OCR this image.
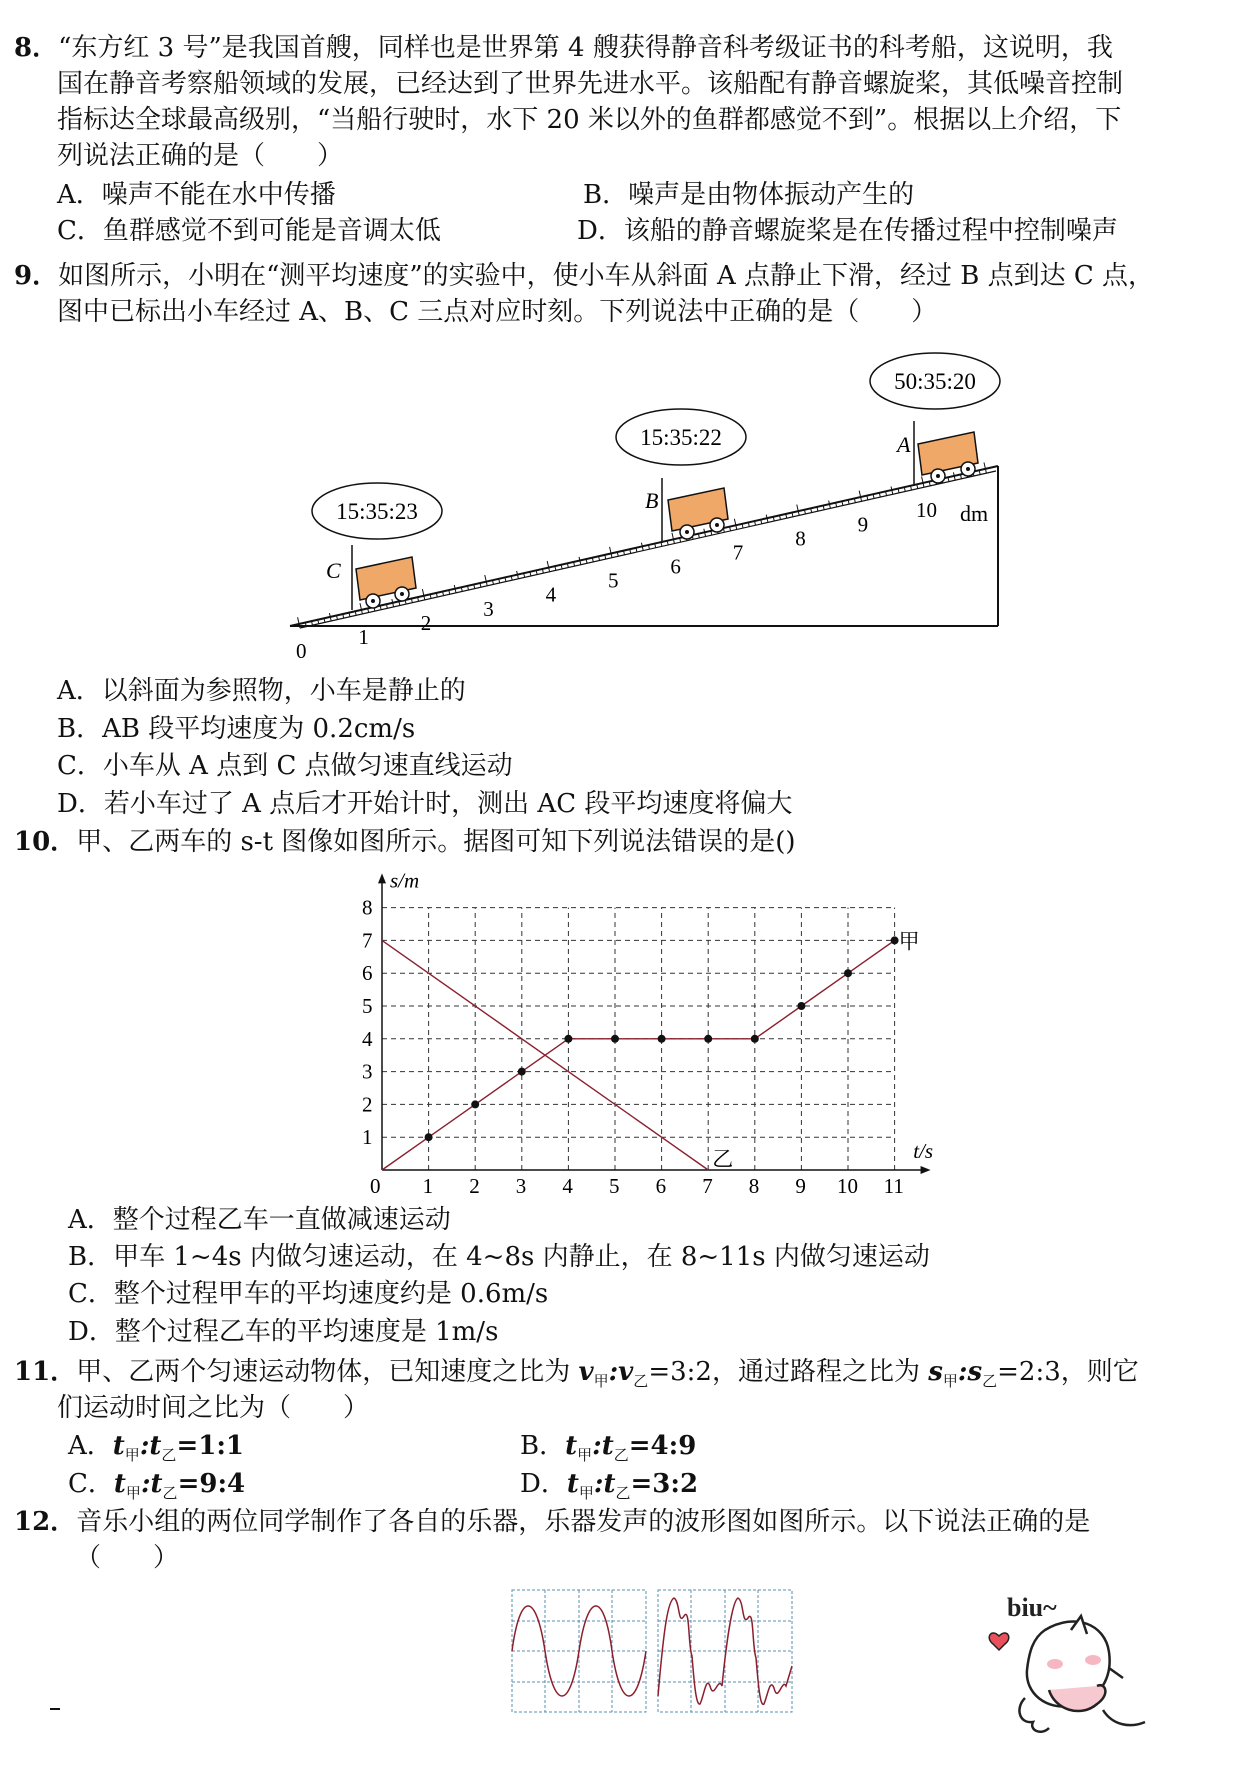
8．“东方红 3 号”是我国首艘，同样也是世界第 4 艘获得静音科考级证书的科考船，这说明，我
国在静音考察船领域的发展，已经达到了世界先进水平。该船配有静音螺旋桨，其低噪音控制
指标达全球最高级别，“当船行驶时，水下 20 米以外的鱼群都感觉不到”。根据以上介绍，下
列说法正确的是（　　）
A．噪声不能在水中传播	B．噪声是由物体振动产生的
C．鱼群感觉不到可能是音调太低	D．该船的静音螺旋桨是在传播过程中控制噪声
9．如图所示，小明在“测平均速度”的实验中，使小车从斜面 A 点静止下滑，经过 B 点到达 C 点，
图中已标出小车经过 A、B、C 三点对应时刻。下列说法中正确的是（　　）
0
1
2
3
4
5
6
7
8
9
10
C
15:35:23	B
15:35:22	A
50:35:20
dm
A．以斜面为参照物，小车是静止的
B．AB 段平均速度为 0.2cm/s
C．小车从 A 点到 C 点做匀速直线运动
D．若小车过了 A 点后才开始计时，测出 AC 段平均速度将偏大
10．甲、乙两车的 s-t 图像如图所示。据图可知下列说法错误的是()
0 1 2 3 4 5 6 7 8 9 10 11
1
2
3
4
5
6
7
8
t/s
s/m
甲
乙
A．整个过程乙车一直做减速运动
B．甲车 1~4s 内做匀速运动，在 4~8s 内静止，在 8~11s 内做匀速运动
C．整个过程甲车的平均速度约是 0.6m/s
D．整个过程乙车的平均速度是 1m/s
11．甲、乙两个匀速运动物体，已知速度之比为 $v_甲:v_乙=3:2$，通过路程之比为 $s_甲:s_乙=2:3$，则它
们运动时间之比为（　　）
A．$t_甲:t_乙=1:1$	B．$t_甲:t_乙=4:9$
C．$t_甲:t_乙=9:4$	D．$t_甲:t_乙=3:2$
12．音乐小组的两位同学制作了各自的乐器，乐器发声的波形图如图所示。以下说法正确的是
（　　）
biu~
